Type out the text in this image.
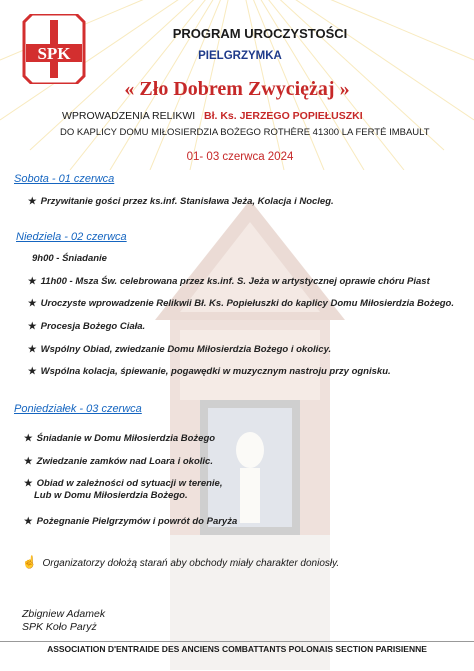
SPK
PROGRAM UROCZYSTOŚCI
PIELGRZYMKA
« Zło Dobrem Zwyciężaj »
WPROWADZENIA RELIKWI Bł. Ks. JERZEGO POPIEŁUSZKI
DO KAPLICY DOMU MIŁOSIERDZIA BOŻEGO ROTHÈRE 41300 LA FERTÉ IMBAULT
01- 03 czerwca 2024
Sobota - 01 czerwca
★ Przywitanie gości przez ks.inf. Stanisława Jeża, Kolacja i Nocleg.
Niedziela - 02 czerwca
9h00 - Śniadanie
★ 11h00 - Msza Św. celebrowana przez ks.inf. S. Jeża w artystycznej oprawie chóru Piast
★ Uroczyste wprowadzenie Relikwii Bł. Ks. Popiełuszki do kaplicy Domu Miłosierdzia Bożego.
★ Procesja Bożego Ciała.
★ Wspólny Obiad, zwiedzanie Domu Miłosierdzia Bożego i okolicy.
★ Wspólna kolacja, śpiewanie, pogawędki w muzycznym nastroju przy ognisku.
Poniedziałek - 03 czerwca
★ Śniadanie w Domu Miłosierdzia Bożego
★ Zwiedzanie zamków nad Loara i okolic.
★ Obiad w zależności od sytuacji w terenie,
Lub w Domu Miłosierdzia Bożego.
★ Pożegnanie Pielgrzymów i powrót do Paryża
☝ Organizatorzy dołożą starań aby obchody miały charakter doniosły.
Zbigniew Adamek
SPK Koło Paryż
ASSOCIATION D'ENTRAIDE DES ANCIENS COMBATTANTS POLONAIS SECTION PARISIENNE
